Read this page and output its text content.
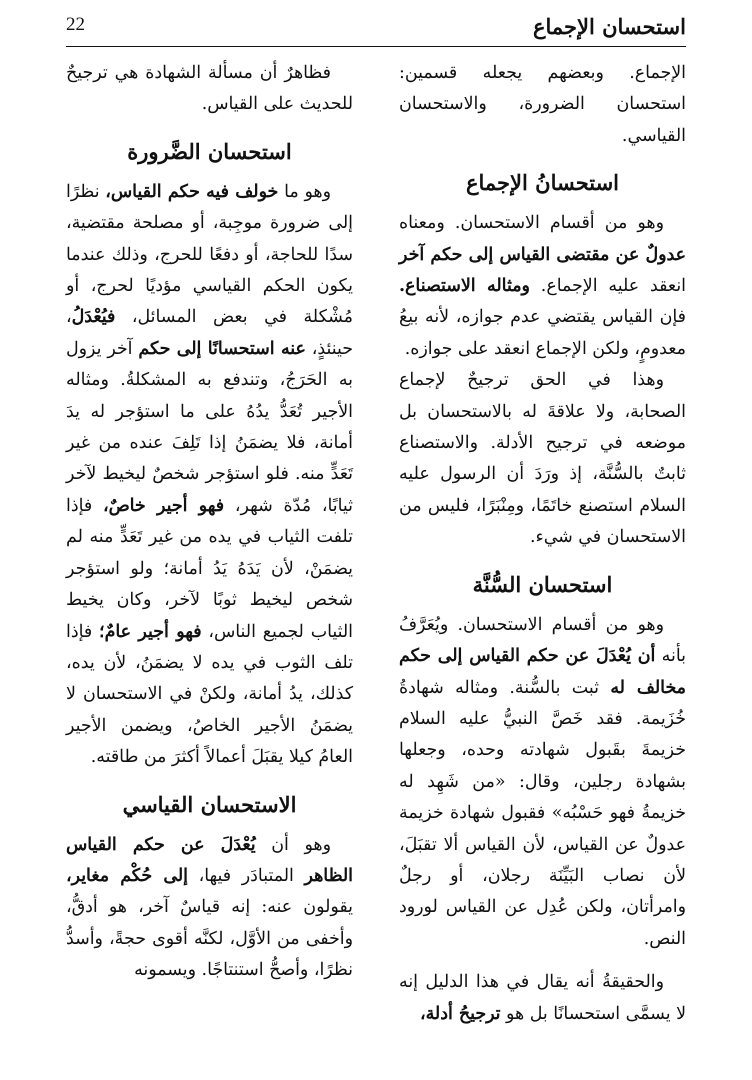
استحسان الإجماع
22

الإجماع. وبعضهم يجعله قسمين: استحسان الضرورة، والاستحسان القياسي.

استحسانُ الإجماع

وهو من أقسام الاستحسان. ومعناه عدولٌ عن مقتضى القياس إلى حكم آخر انعقد عليه الإجماع. ومثاله الاستصناع. فإن القياس يقتضي عدم جوازه، لأنه بيعُ معدومٍ، ولكن الإجماع انعقد على جوازه.

وهذا في الحق ترجيحٌ لإجماع الصحابة، ولا علاقةَ له بالاستحسان بل موضعه في ترجيح الأدلة. والاستصناع ثابتٌ بالسُّنَّة، إذ ورَدَ أن الرسول عليه السلام استصنع خاتَمًا، ومِنْبَرًا، فليس من الاستحسان في شيء.

استحسان السُّنَّة

وهو من أقسام الاستحسان. ويُعَرَّفُ بأنه أن يُعْدَلَ عن حكم القياس إلى حكم مخالف له ثبت بالسُّنة. ومثاله شهادةُ خُزَيمة. فقد خَصَّ النبيُّ عليه السلام خزيمةَ بقَبول شهادته وحده، وجعلها بشهادة رجلين، وقال: «من شَهِد له خزيمةُ فهو حَسْبُه» فقبول شهادة خزيمة عدولٌ عن القياس، لأن القياس ألا تقبَلَ، لأن نصاب البَيِّنَة رجلان، أو رجلٌ وامرأتان، ولكن عُدِل عن القياس لورود النص.

والحقيقةُ أنه يقال في هذا الدليل إنه لا يسمَّى استحسانًا بل هو ترجيحُ أدلة،

فظاهرٌ أن مسألة الشهادة هي ترجيحٌ للحديث على القياس.

استحسان الضَّرورة

وهو ما خولف فيه حكم القياس، نظرًا إلى ضرورة موجِبة، أو مصلحة مقتضية، سدًا للحاجة، أو دفعًا للحرج، وذلك عندما يكون الحكم القياسي مؤديًا لحرج، أو مُشْكلة في بعض المسائل، فيُعْدَلُ، حينئذٍ، عنه استحسانًا إلى حكم آخر يزول به الحَرَجُ، وتندفع به المشكلةُ. ومثاله الأجير تُعَدُّ يدُهُ على ما استؤجر له يدَ أمانة، فلا يضمَنُ إذا تَلِفَ عنده من غير تَعَدٍّ منه. فلو استؤجر شخصٌ ليخيط لآخر ثيابًا، مُدّة شهر، فهو أجير خاصٌ، فإذا تلفت الثياب في يده من غير تَعَدٍّ منه لم يضمَنْ، لأن يَدَهُ يَدُ أمانة؛ ولو استؤجر شخص ليخيط ثوبًا لآخر، وكان يخيط الثياب لجميع الناس، فهو أجير عامٌ؛ فإذا تلف الثوب في يده لا يضمَنُ، لأن يده، كذلك، يدُ أمانة، ولكنْ في الاستحسان لا يضمَنُ الأجير الخاصُ، ويضمن الأجير العامُ كيلا يقبَلَ أعمالاً أكثرَ من طاقته.

الاستحسان القياسي

وهو أن يُعْدَلَ عن حكم القياس الظاهر المتبادَر فيها، إلى حُكْم مغاير، يقولون عنه: إنه قياسٌ آخر، هو أدقُّ، وأخفى من الأوَّل، لكنَّه أقوى حجةً، وأسدُّ نظرًا، وأصحُّ استنتاجًا. ويسمونه
